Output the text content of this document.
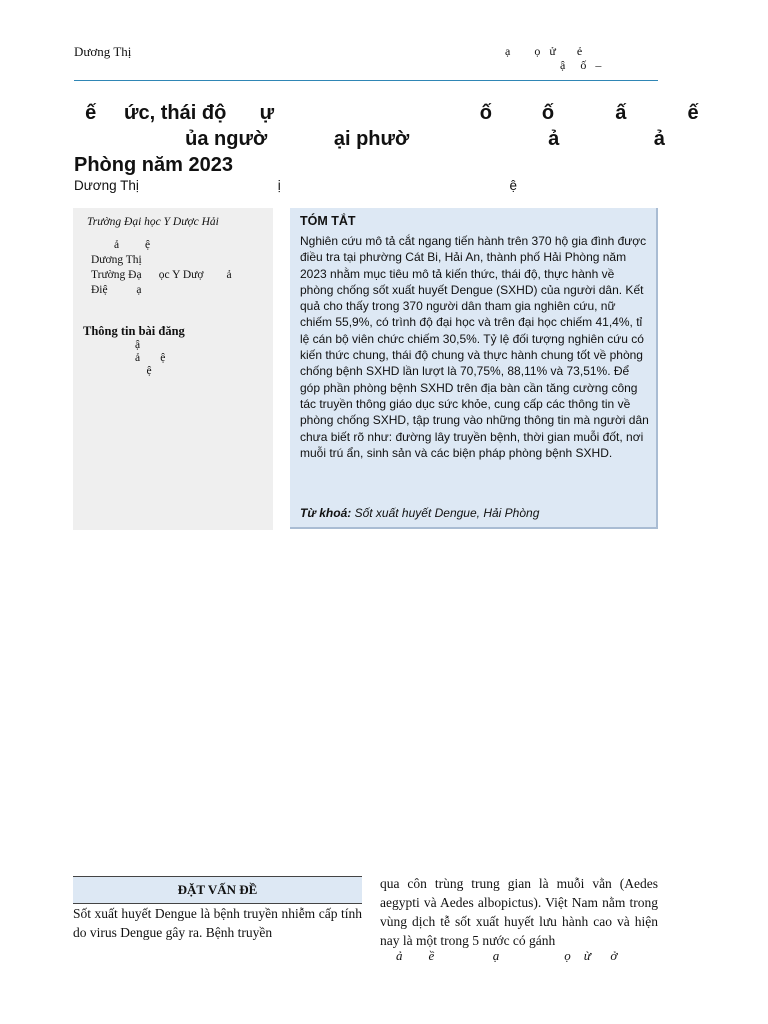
Dương Thị	ạ        ọ   ử       ẻ
ậ     ố   –
ế     ức, thái độ      ự                                     ố         ố           ấ           ế
ủa ngườ            ại phườ                         ả                 ả
Phòng năm 2023
Dương Thị                                     ị                                                             ệ
Trường Đại học Y Dược Hải
ả         ệ
Dương Thị
Trường Đạ      ọc Y Dượ        ả
Điệ          ạ
Thông tin bài đăng
ậ
ả       ệ
ệ
TÓM TẮT
Nghiên cứu mô tả cắt ngang tiến hành trên 370 hộ gia đình được điều tra tại phường Cát Bi, Hải An, thành phố Hải Phòng năm 2023 nhằm mục tiêu mô tả kiến thức, thái độ, thực hành về phòng chống sốt xuất huyết Dengue (SXHD) của người dân. Kết quả cho thấy trong 370 người dân tham gia nghiên cứu, nữ chiếm 55,9%, có trình độ đại học và trên đại học chiếm 41,4%, tỉ lệ cán bộ viên chức chiếm 30,5%. Tỷ lệ đối tượng nghiên cứu có kiến thức chung, thái độ chung và thực hành chung tốt về phòng chống bệnh SXHD lần lượt là 70,75%, 88,11% và 73,51%. Để góp phần phòng bệnh SXHD trên địa bàn cần tăng cường công tác truyền thông giáo dục sức khỏe, cung cấp các thông tin về phòng chống SXHD, tập trung vào những thông tin mà người dân chưa biết rõ như: đường lây truyền bệnh, thời gian muỗi đốt, nơi muỗi trú ẩn, sinh sản và các biện pháp phòng bệnh SXHD.
Từ khoá: Sốt xuất huyết Dengue, Hải Phòng
ĐẶT VẤN ĐỀ
Sốt xuất huyết Dengue là bệnh truyền nhiễm cấp tính do virus Dengue gây ra. Bệnh truyền
qua côn trùng trung gian là muỗi vằn (Aedes aegypti và Aedes albopictus). Việt Nam nằm trong vùng dịch tễ sốt xuất huyết lưu hành cao và hiện nay là một trong 5 nước có gánh
ả        ề                  ạ                    ọ    ừ      ở
